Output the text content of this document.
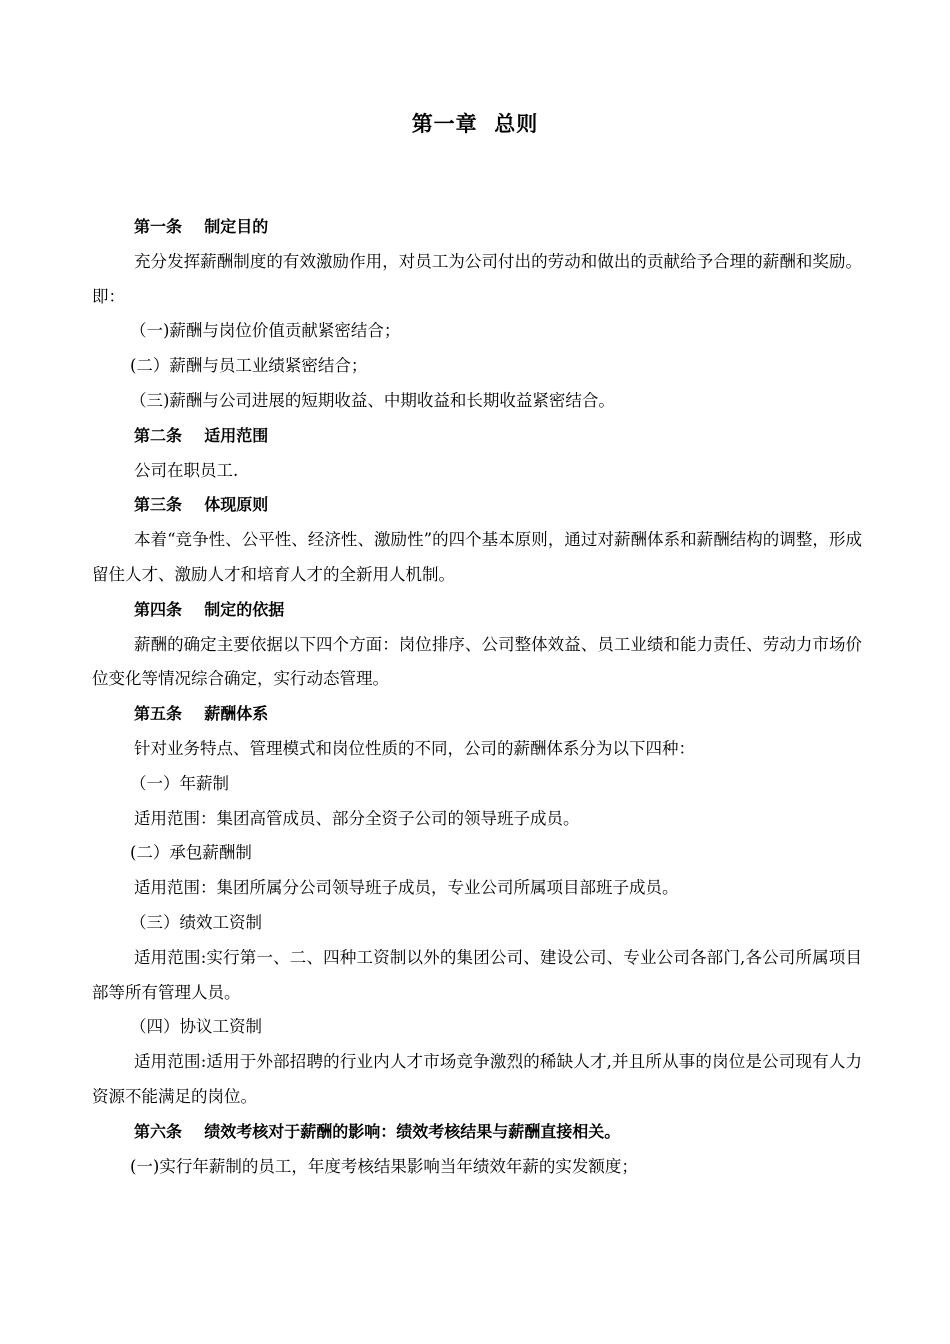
第一章  总则
第一条    制定目的
充分发挥薪酬制度的有效激励作用，对员工为公司付出的劳动和做出的贡献给予合理的薪酬和奖励。即：
（一)薪酬与岗位价值贡献紧密结合；
(二）薪酬与员工业绩紧密结合；
（三)薪酬与公司进展的短期收益、中期收益和长期收益紧密结合。
第二条    适用范围
公司在职员工.
第三条    体现原则
本着“竞争性、公平性、经济性、激励性”的四个基本原则，通过对薪酬体系和薪酬结构的调整，形成留住人才、激励人才和培育人才的全新用人机制。
第四条    制定的依据
薪酬的确定主要依据以下四个方面：岗位排序、公司整体效益、员工业绩和能力责任、劳动力市场价位变化等情况综合确定，实行动态管理。
第五条    薪酬体系
针对业务特点、管理模式和岗位性质的不同，公司的薪酬体系分为以下四种：
（一）年薪制
适用范围：集团高管成员、部分全资子公司的领导班子成员。
(二）承包薪酬制
适用范围：集团所属分公司领导班子成员，专业公司所属项目部班子成员。
（三）绩效工资制
适用范围:实行第一、二、四种工资制以外的集团公司、建设公司、专业公司各部门,各公司所属项目部等所有管理人员。
（四）协议工资制
适用范围:适用于外部招聘的行业内人才市场竞争激烈的稀缺人才,并且所从事的岗位是公司现有人力资源不能满足的岗位。
第六条    绩效考核对于薪酬的影响：绩效考核结果与薪酬直接相关。
(一)实行年薪制的员工，年度考核结果影响当年绩效年薪的实发额度；
